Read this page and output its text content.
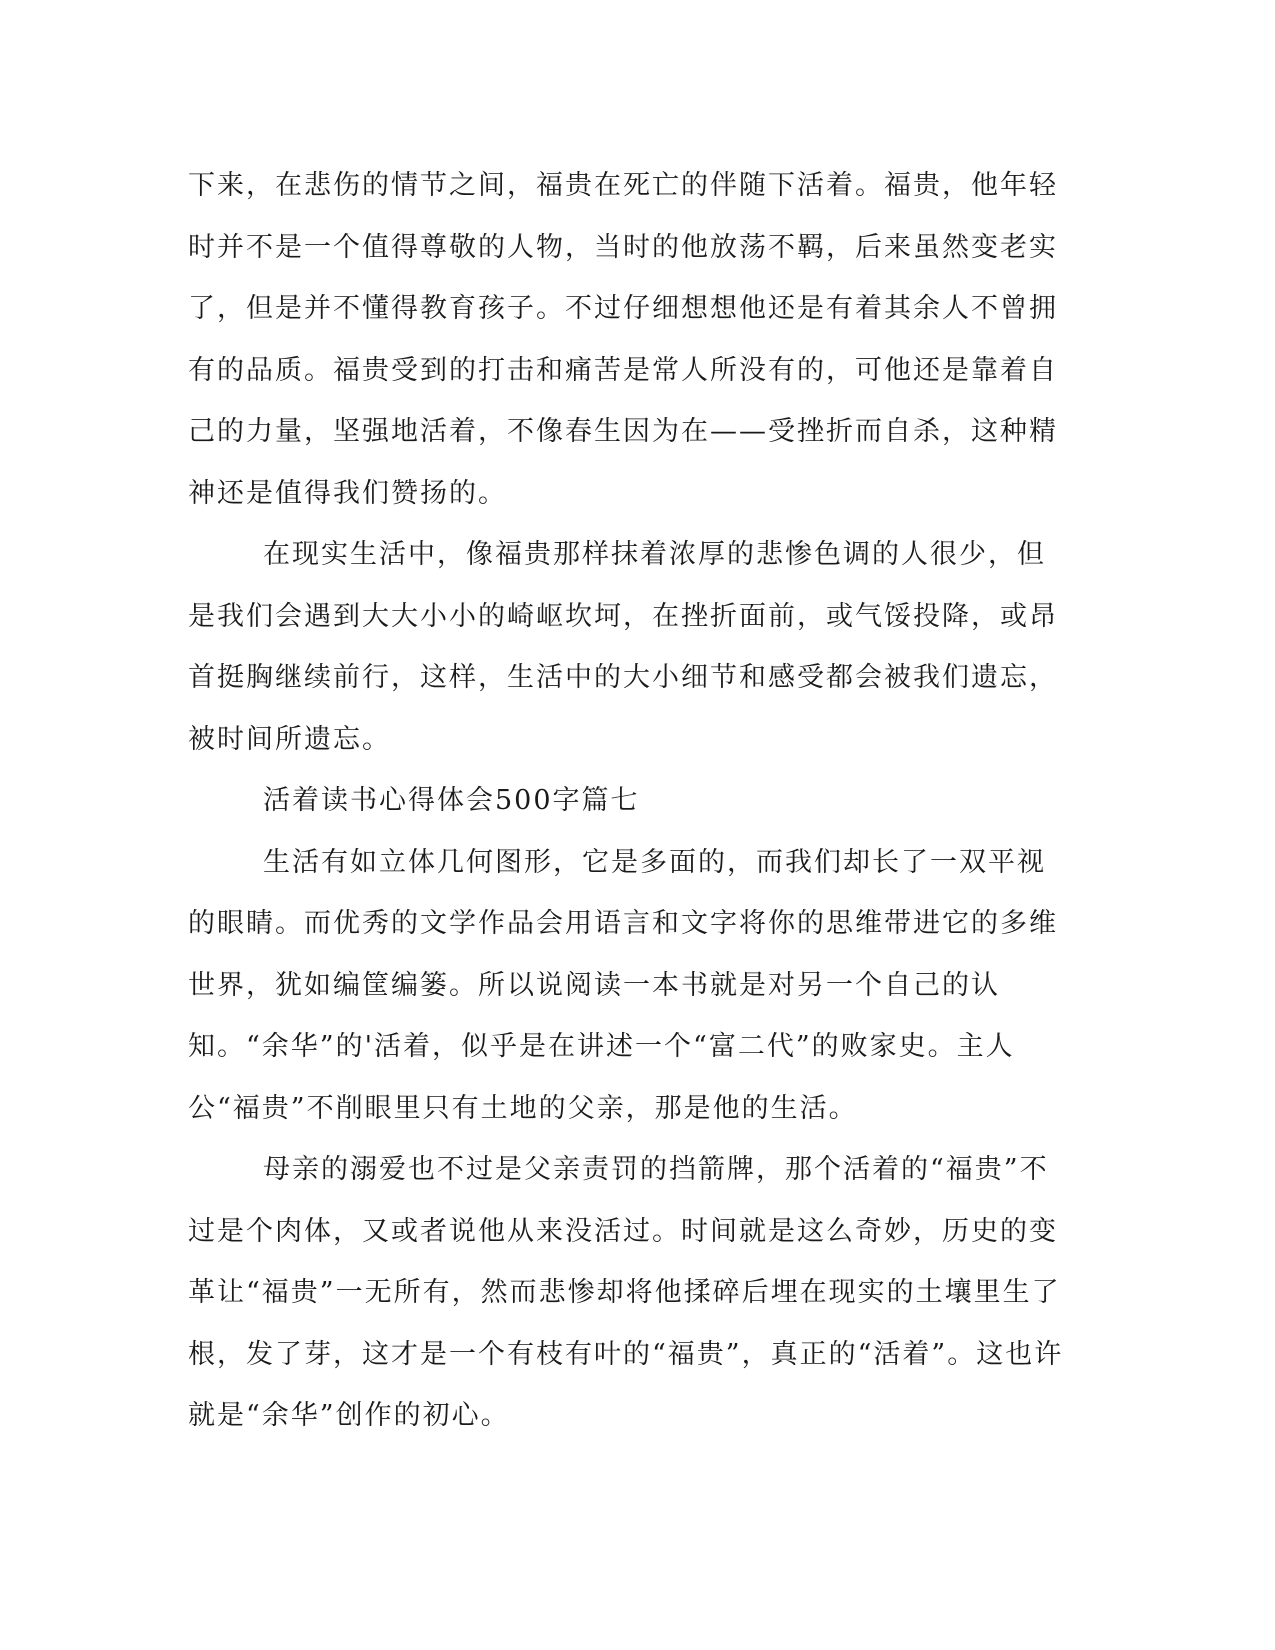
下来，在悲伤的情节之间，福贵在死亡的伴随下活着。福贵，他年轻时并不是一个值得尊敬的人物，当时的他放荡不羁，后来虽然变老实了，但是并不懂得教育孩子。不过仔细想想他还是有着其余人不曾拥有的品质。福贵受到的打击和痛苦是常人所没有的，可他还是靠着自己的力量，坚强地活着，不像春生因为在——受挫折而自杀，这种精神还是值得我们赞扬的。

在现实生活中，像福贵那样抹着浓厚的悲惨色调的人很少，但是我们会遇到大大小小的崎岖坎坷，在挫折面前，或气馁投降，或昂首挺胸继续前行，这样，生活中的大小细节和感受都会被我们遗忘，被时间所遗忘。

活着读书心得体会500字篇七

生活有如立体几何图形，它是多面的，而我们却长了一双平视的眼睛。而优秀的文学作品会用语言和文字将你的思维带进它的多维世界，犹如编筐编篓。所以说阅读一本书就是对另一个自己的认知。“余华”的'活着，似乎是在讲述一个“富二代”的败家史。主人公“福贵”不削眼里只有土地的父亲，那是他的生活。

母亲的溺爱也不过是父亲责罚的挡箭牌，那个活着的“福贵”不过是个肉体，又或者说他从来没活过。时间就是这么奇妙，历史的变革让“福贵”一无所有，然而悲惨却将他揉碎后埋在现实的土壤里生了根，发了芽，这才是一个有枝有叶的“福贵”，真正的“活着”。这也许就是“余华”创作的初心。
